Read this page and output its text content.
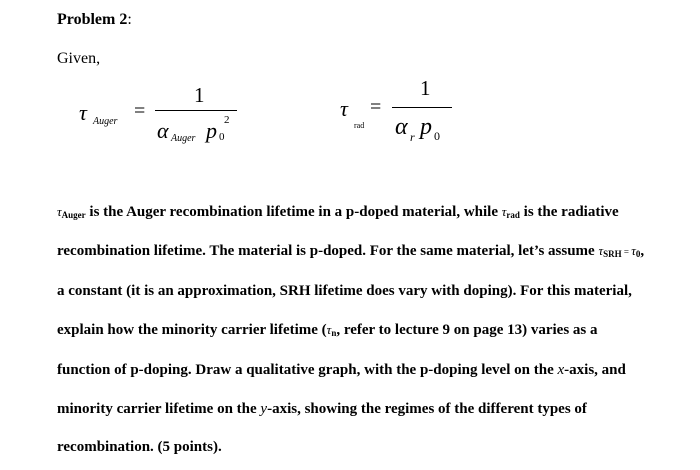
Problem 2:
Given,
τ Auger =
1
α Auger p 0
2	τ
rad
=
1
α r p 0
τAuger is the Auger recombination lifetime in a p-doped material, while τrad is the radiative
recombination lifetime. The material is p-doped. For the same material, let’s assume τSRH = τ0,
a constant (it is an approximation, SRH lifetime does vary with doping). For this material,
explain how the minority carrier lifetime (τn, refer to lecture 9 on page 13) varies as a
function of p-doping. Draw a qualitative graph, with the p-doping level on the x-axis, and
minority carrier lifetime on the y-axis, showing the regimes of the different types of
recombination. (5 points).
